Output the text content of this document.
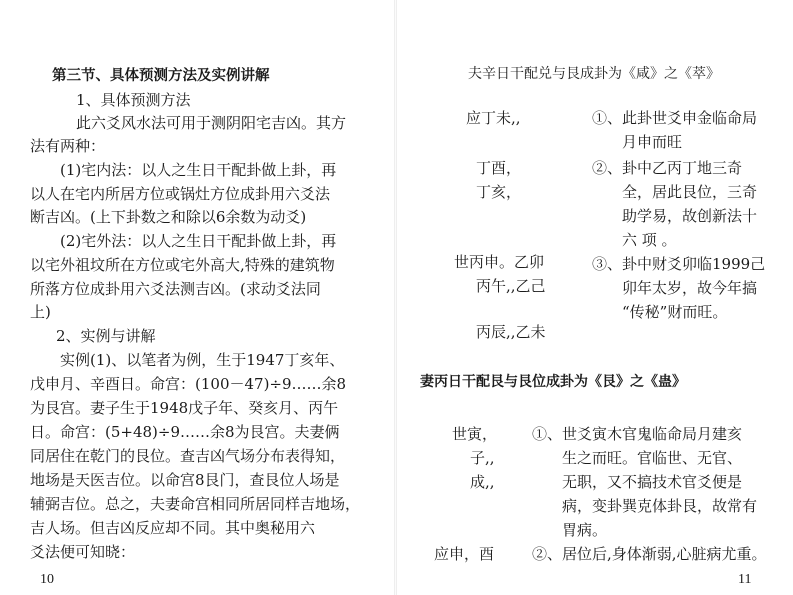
第三节、具体预测方法及实例讲解
1、具体预测方法
此六爻风水法可用于测阴阳宅吉凶。其方
法有两种：
(1)宅内法：以人之生日干配卦做上卦，再
以人在宅内所居方位或锅灶方位成卦用六爻法
断吉凶。(上下卦数之和除以6余数为动爻)
(2)宅外法：以人之生日干配卦做上卦，再
以宅外祖坟所在方位或宅外高大,特殊的建筑物
所落方位成卦用六爻法测吉凶。(求动爻法同
上)
2、实例与讲解
实例(1)、以笔者为例，生于1947丁亥年、
戊申月、辛酉日。命宫：(100－47)÷9……余8
为艮宫。妻子生于1948戊子年、癸亥月、丙午
日。命宫：(5+48)÷9……余8为艮宫。夫妻俩
同居住在乾门的艮位。查吉凶气场分布表得知，
地场是天医吉位。以命宫8艮门，查艮位人场是
辅弼吉位。总之，夫妻命宫相同所居同样吉地场，
吉人场。但吉凶反应却不同。其中奥秘用六
爻法便可知晓：
10
夫辛日干配兑与艮成卦为《咸》之《萃》
应丁未,,
丁酉，
丁亥，
世丙申。乙卯
丙午,,乙己
丙辰,,乙未
①、此卦世爻申金临命局
月申而旺
②、卦中乙丙丁地三奇
全，居此艮位，三奇
助学易，故创新法十
六 项 。
③、卦中财爻卯临1999己
卯年太岁，故今年搞
“传秘”财而旺。
妻丙日干配艮与艮位成卦为《艮》之《蛊》
世寅，
子,,
成,,
应申，酉
①、世爻寅木官鬼临命局月建亥
生之而旺。官临世、无官、
无职，又不搞技术官爻便是
病，变卦巽克体卦艮，故常有
胃病。
②、居位后,身体渐弱,心脏病尤重。
11
